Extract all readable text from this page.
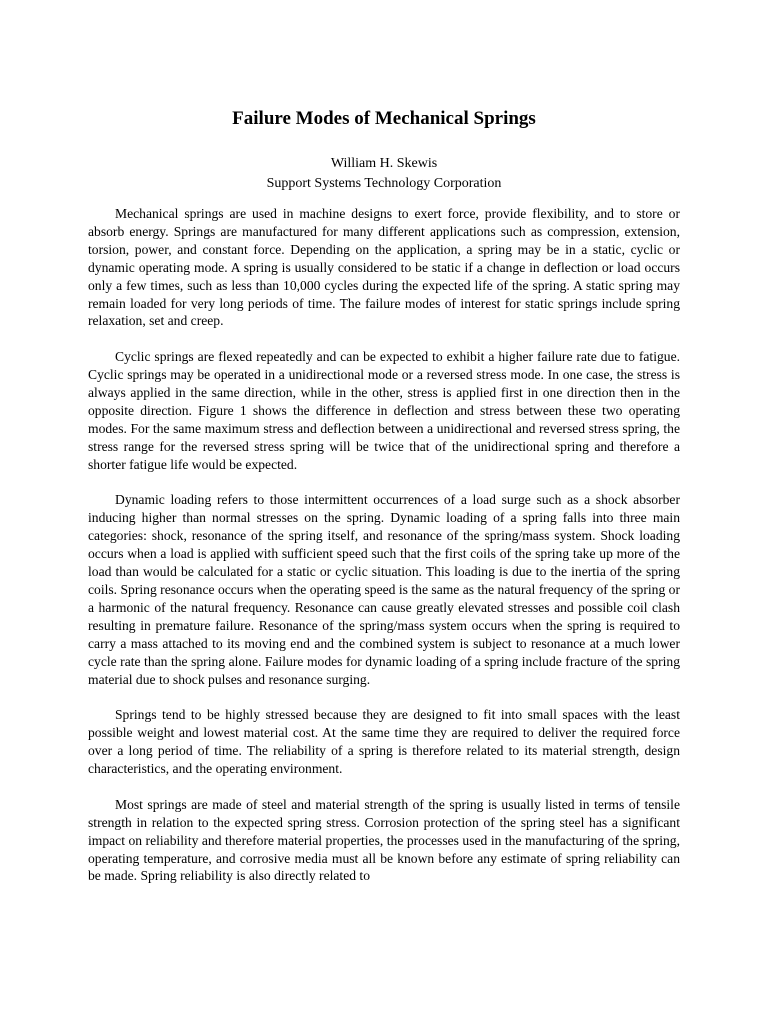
Failure Modes of Mechanical Springs
William H. Skewis
Support Systems Technology Corporation

Mechanical springs are used in machine designs to exert force, provide flexibility, and to store or absorb energy. Springs are manufactured for many different applications such as compression, extension, torsion, power, and constant force. Depending on the application, a spring may be in a static, cyclic or dynamic operating mode. A spring is usually considered to be static if a change in deflection or load occurs only a few times, such as less than 10,000 cycles during the expected life of the spring. A static spring may remain loaded for very long periods of time. The failure modes of interest for static springs include spring relaxation, set and creep.

Cyclic springs are flexed repeatedly and can be expected to exhibit a higher failure rate due to fatigue. Cyclic springs may be operated in a unidirectional mode or a reversed stress mode. In one case, the stress is always applied in the same direction, while in the other, stress is applied first in one direction then in the opposite direction. Figure 1 shows the difference in deflection and stress between these two operating modes. For the same maximum stress and deflection between a unidirectional and reversed stress spring, the stress range for the reversed stress spring will be twice that of the unidirectional spring and therefore a shorter fatigue life would be expected.

Dynamic loading refers to those intermittent occurrences of a load surge such as a shock absorber inducing higher than normal stresses on the spring. Dynamic loading of a spring falls into three main categories: shock, resonance of the spring itself, and resonance of the spring/mass system. Shock loading occurs when a load is applied with sufficient speed such that the first coils of the spring take up more of the load than would be calculated for a static or cyclic situation. This loading is due to the inertia of the spring coils. Spring resonance occurs when the operating speed is the same as the natural frequency of the spring or a harmonic of the natural frequency. Resonance can cause greatly elevated stresses and possible coil clash resulting in premature failure. Resonance of the spring/mass system occurs when the spring is required to carry a mass attached to its moving end and the combined system is subject to resonance at a much lower cycle rate than the spring alone. Failure modes for dynamic loading of a spring include fracture of the spring material due to shock pulses and resonance surging.

Springs tend to be highly stressed because they are designed to fit into small spaces with the least possible weight and lowest material cost. At the same time they are required to deliver the required force over a long period of time. The reliability of a spring is therefore related to its material strength, design characteristics, and the operating environment.

Most springs are made of steel and material strength of the spring is usually listed in terms of tensile strength in relation to the expected spring stress. Corrosion protection of the spring steel has a significant impact on reliability and therefore material properties, the processes used in the manufacturing of the spring, operating temperature, and corrosive media must all be known before any estimate of spring reliability can be made. Spring reliability is also directly related to
